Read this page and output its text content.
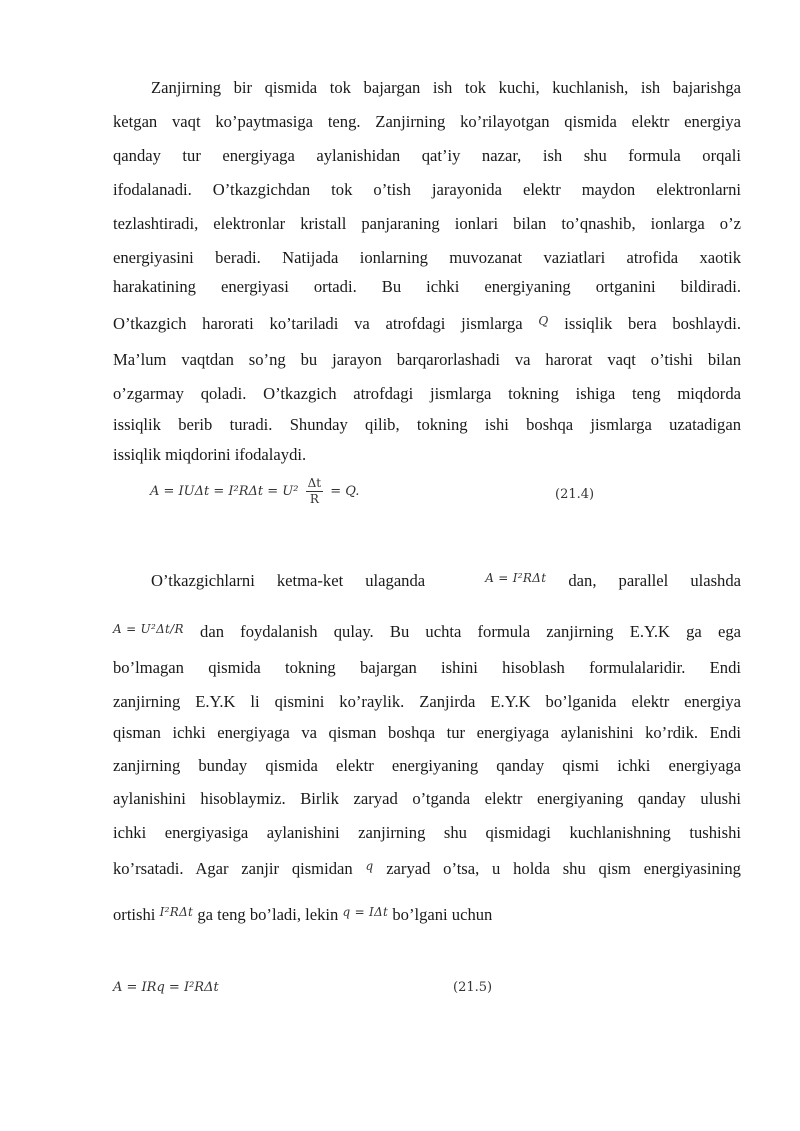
Zanjirning bir qismida tok bajargan ish tok kuchi, kuchlanish, ish bajarishga
ketgan vaqt ko’paytmasiga teng. Zanjirning ko’rilayotgan qismida elektr energiya
qanday tur energiyaga aylanishidan qat’iy nazar, ish shu formula orqali
ifodalanadi. O’tkazgichdan tok o’tish jarayonida elektr maydon elektronlarni
tezlashtiradi, elektronlar kristall panjaraning ionlari bilan to’qnashib, ionlarga o’z
energiyasini beradi. Natijada ionlarning muvozanat vaziatlari atrofida xaotik
harakatining energiyasi ortadi. Bu ichki energiyaning ortganini bildiradi.
O’tkazgich harorati ko’tariladi va atrofdagi jismlarga Q issiqlik bera boshlaydi.
Ma’lum vaqtdan so’ng bu jarayon barqarorlashadi va harorat vaqt o’tishi bilan
o’zgarmay qoladi. O’tkazgich atrofdagi jismlarga tokning ishiga teng miqdorda
issiqlik berib turadi. Shunday qilib, tokning ishi boshqa jismlarga uzatadigan
issiqlik miqdorini ifodalaydi.
$A = IU\Delta t = I^2R\Delta t = U^2 \frac{\Delta t}{R} = Q$.	(21.4)
O’tkazgichlarni ketma-ket ulaganda	A = I²RΔt dan, parallel ulashda
A = U²Δt/R dan foydalanish qulay. Bu uchta formula zanjirning E.Y.K ga ega
bo’lmagan qismida tokning bajargan ishini hisoblash formulalaridir. Endi
zanjirning E.Y.K li qismini ko’raylik. Zanjirda E.Y.K bo’lganida elektr energiya
qisman ichki energiyaga va qisman boshqa tur energiyaga aylanishini ko’rdik. Endi
zanjirning bunday qismida elektr energiyaning qanday qismi ichki energiyaga
aylanishini hisoblaymiz. Birlik zaryad o’tganda elektr energiyaning qanday ulushi
ichki energiyasiga aylanishini zanjirning shu qismidagi kuchlanishning tushishi
ko’rsatadi. Agar zanjir qismidan q zaryad o’tsa, u holda shu qism energiyasining
ortishi I²RΔt ga teng bo’ladi, lekin q = IΔt bo’lgani uchun
A = IRq = I²RΔt	(21.5)
